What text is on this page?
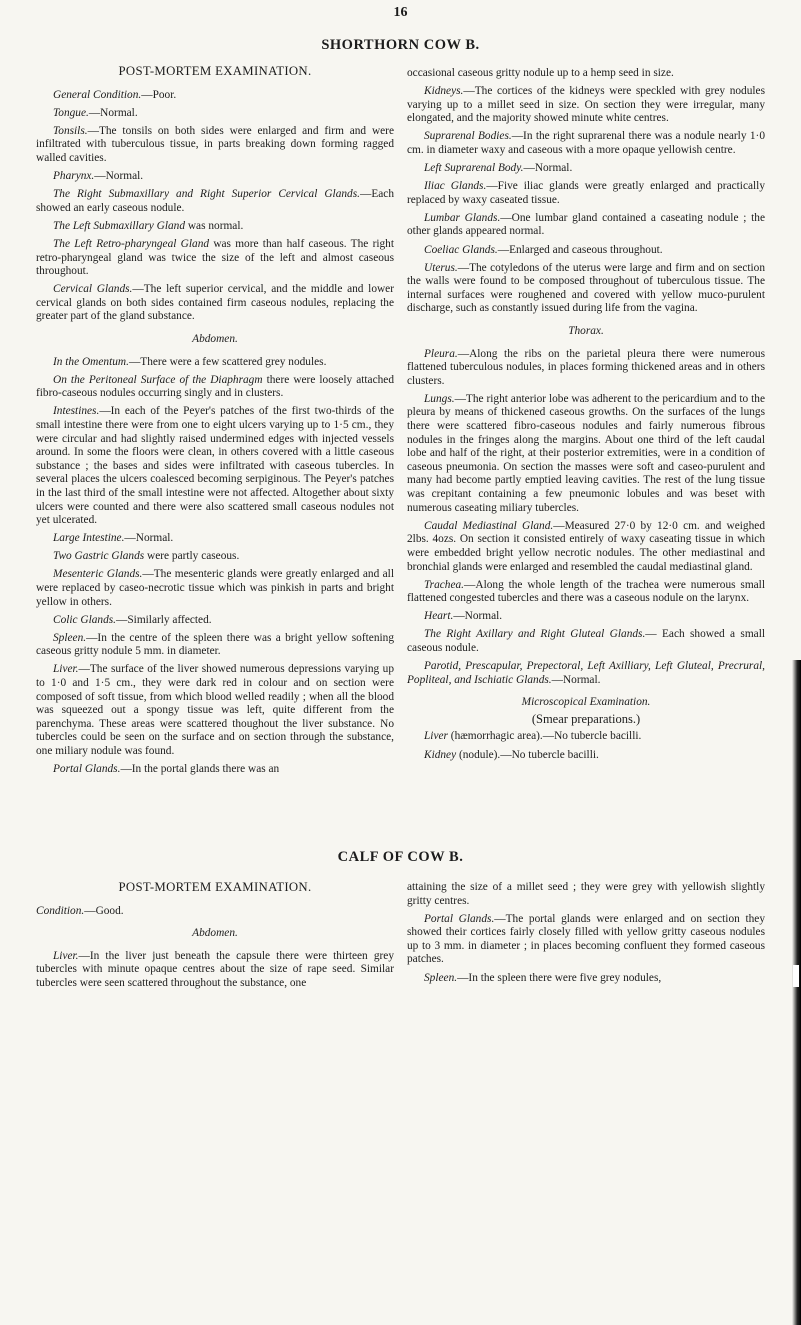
16
SHORTHORN COW B.
POST-MORTEM EXAMINATION.

General Condition.—Poor.

Tongue.—Normal.

Tonsils.—The tonsils on both sides were enlarged and firm and were infiltrated with tuberculous tissue, in parts breaking down forming ragged walled cavities.

Pharynx.—Normal.

The Right Submaxillary and Right Superior Cervical Glands.—Each showed an early caseous nodule.

The Left Submaxillary Gland was normal.

The Left Retro-pharyngeal Gland was more than half caseous. The right retro-pharyngeal gland was twice the size of the left and almost caseous throughout.

Cervical Glands.—The left superior cervical, and the middle and lower cervical glands on both sides contained firm caseous nodules, replacing the greater part of the gland substance.

Abdomen.

In the Omentum.—There were a few scattered grey nodules.

On the Peritoneal Surface of the Diaphragm there were loosely attached fibro-caseous nodules occurring singly and in clusters.

Intestines.—In each of the Peyer's patches of the first two-thirds of the small intestine there were from one to eight ulcers varying up to 1·5 cm., they were circular and had slightly raised undermined edges with injected vessels around. In some the floors were clean, in others covered with a little caseous substance ; the bases and sides were infiltrated with caseous tubercles. In several places the ulcers coalesced becoming serpiginous. The Peyer's patches in the last third of the small intestine were not affected. Altogether about sixty ulcers were counted and there were also scattered small caseous nodules not yet ulcerated.

Large Intestine.—Normal.

Two Gastric Glands were partly caseous.

Mesenteric Glands.—The mesenteric glands were greatly enlarged and all were replaced by caseo-necrotic tissue which was pinkish in parts and bright yellow in others.

Colic Glands.—Similarly affected.

Spleen.—In the centre of the spleen there was a bright yellow softening caseous gritty nodule 5 mm. in diameter.

Liver.—The surface of the liver showed numerous depressions varying up to 1·0 and 1·5 cm., they were dark red in colour and on section were composed of soft tissue, from which blood welled readily ; when all the blood was squeezed out a spongy tissue was left, quite different from the parenchyma. These areas were scattered thoughout the liver substance. No tubercles could be seen on the surface and on section through the substance, one miliary nodule was found.

Portal Glands.—In the portal glands there was an

occasional caseous gritty nodule up to a hemp seed in size.

Kidneys.—The cortices of the kidneys were speckled with grey nodules varying up to a millet seed in size. On section they were irregular, many elongated, and the majority showed minute white centres.

Suprarenal Bodies.—In the right suprarenal there was a nodule nearly 1·0 cm. in diameter waxy and caseous with a more opaque yellowish centre.

Left Suprarenal Body.—Normal.

Iliac Glands.—Five iliac glands were greatly enlarged and practically replaced by waxy caseated tissue.

Lumbar Glands.—One lumbar gland contained a caseating nodule ; the other glands appeared normal.

Coeliac Glands.—Enlarged and caseous throughout.

Uterus.—The cotyledons of the uterus were large and firm and on section the walls were found to be composed throughout of tuberculous tissue. The internal surfaces were roughened and covered with yellow muco-purulent discharge, such as constantly issued during life from the vagina.

Thorax.

Pleura.—Along the ribs on the parietal pleura there were numerous flattened tuberculous nodules, in places forming thickened areas and in others clusters.

Lungs.—The right anterior lobe was adherent to the pericardium and to the pleura by means of thickened caseous growths. On the surfaces of the lungs there were scattered fibro-caseous nodules and fairly numerous fibrous nodules in the fringes along the margins. About one third of the left caudal lobe and half of the right, at their posterior extremities, were in a condition of caseous pneumonia. On section the masses were soft and caseo-purulent and many had become partly emptied leaving cavities. The rest of the lung tissue was crepitant containing a few pneumonic lobules and was beset with numerous caseating miliary tubercles.

Caudal Mediastinal Gland.—Measured 27·0 by 12·0 cm. and weighed 2lbs. 4ozs. On section it consisted entirely of waxy caseating tissue in which were embedded bright yellow necrotic nodules. The other mediastinal and bronchial glands were enlarged and resembled the caudal mediastinal gland.

Trachea.—Along the whole length of the trachea were numerous small flattened congested tubercles and there was a caseous nodule on the larynx.

Heart.—Normal.

The Right Axillary and Right Gluteal Glands.— Each showed a small caseous nodule.

Parotid, Prescapular, Prepectoral, Left Axilliary, Left Gluteal, Precrural, Popliteal, and Ischiatic Glands.—Normal.

Microscopical Examination.
(Smear preparations.)

Liver (hæmorrhagic area).—No tubercle bacilli.

Kidney (nodule).—No tubercle bacilli.

CALF OF COW B.
POST-MORTEM EXAMINATION.

Condition.—Good.

Abdomen.

Liver.—In the liver just beneath the capsule there were thirteen grey tubercles with minute opaque centres about the size of rape seed. Similar tubercles were seen scattered throughout the substance, one

attaining the size of a millet seed ; they were grey with yellowish slightly gritty centres.

Portal Glands.—The portal glands were enlarged and on section they showed their cortices fairly closely filled with yellow gritty caseous nodules up to 3 mm. in diameter ; in places becoming confluent they formed caseous patches.

Spleen.—In the spleen there were five grey nodules,
